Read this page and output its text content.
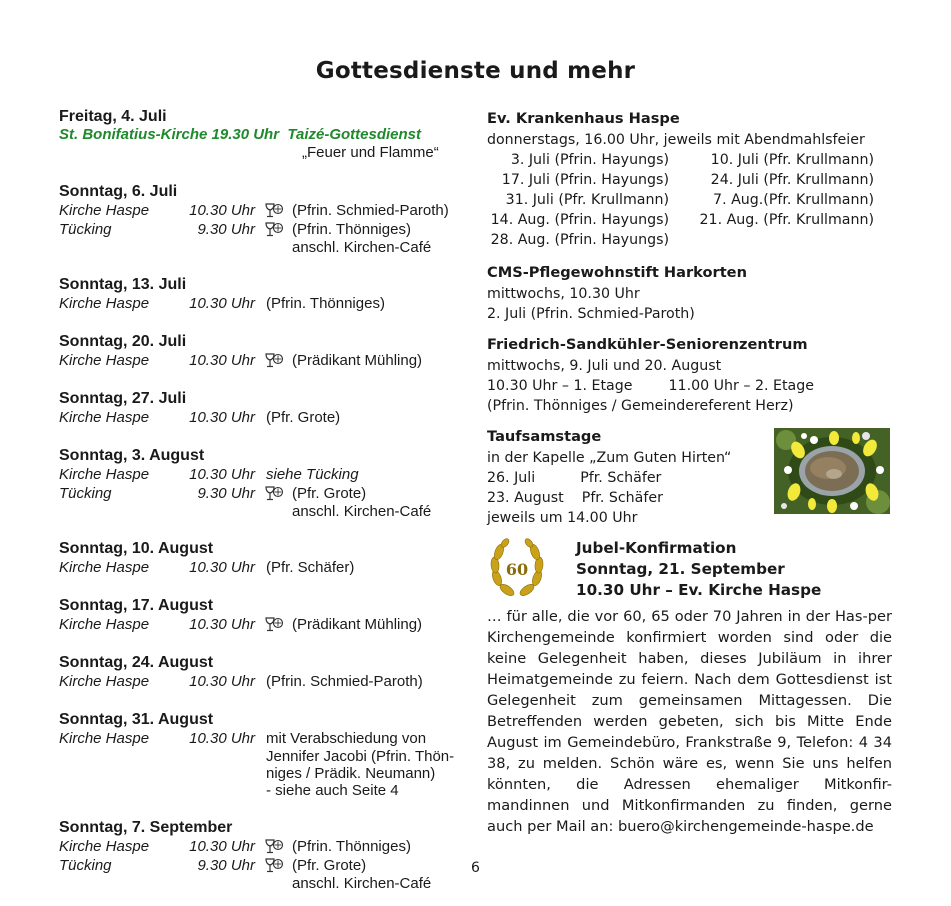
Gottesdienste und mehr
Freitag, 4. Juli
St. Bonifatius-Kirche 19.30 Uhr  Taizé-Gottesdienst
„Feuer und Flamme“
Sonntag, 6. Juli
Kirche Haspe	10.30 Uhr (Pfrin. Schmied-Paroth)
Tücking	9.30 Uhr (Pfrin. Thönniges)
anschl. Kirchen-Café
Sonntag, 13. Juli
Kirche Haspe	10.30 Uhr (Pfrin. Thönniges)
Sonntag, 20. Juli
Kirche Haspe	10.30 Uhr (Prädikant Mühling)
Sonntag, 27. Juli
Kirche Haspe	10.30 Uhr (Pfr. Grote)
Sonntag, 3. August
Kirche Haspe	10.30 Uhr siehe Tücking
Tücking	9.30 Uhr (Pfr. Grote)
anschl. Kirchen-Café
Sonntag, 10. August
Kirche Haspe	10.30 Uhr (Pfr. Schäfer)
Sonntag, 17. August
Kirche Haspe	10.30 Uhr (Prädikant Mühling)
Sonntag, 24. August
Kirche Haspe	10.30 Uhr (Pfrin. Schmied-Paroth)
Sonntag, 31. August
Kirche Haspe	10.30 Uhr mit Verabschiedung von
Jennifer Jacobi (Pfrin. Thön-
niges / Prädik. Neumann)
- siehe auch Seite 4
Sonntag, 7. September
Kirche Haspe	10.30 Uhr (Pfrin. Thönniges)
Tücking	9.30 Uhr (Pfr. Grote)
anschl. Kirchen-Café
Ev. Krankenhaus Haspe
donnerstags, 16.00 Uhr, jeweils mit Abendmahlsfeier
3. Juli (Pfrin. Hayungs)	10. Juli (Pfr. Krullmann)
17. Juli (Pfrin. Hayungs)	24. Juli (Pfr. Krullmann)
31. Juli (Pfr. Krullmann)	7. Aug.(Pfr. Krullmann)
14. Aug. (Pfrin. Hayungs)	21. Aug. (Pfr. Krullmann)
28. Aug. (Pfrin. Hayungs)
CMS-Pflegewohnstift Harkorten
mittwochs, 10.30 Uhr
2. Juli (Pfrin. Schmied-Paroth)
Friedrich-Sandkühler-Seniorenzentrum
mittwochs, 9. Juli und 20. August
10.30 Uhr – 1. Etage        11.00 Uhr – 2. Etage
(Pfrin. Thönniges / Gemeindereferent Herz)
Taufsamstage
in der Kapelle „Zum Guten Hirten“
26. Juli          Pfr. Schäfer
23. August    Pfr. Schäfer
jeweils um 14.00 Uhr
60
Jubel-Konfirmation
Sonntag, 21. September
10.30 Uhr – Ev. Kirche Haspe

… für alle, die vor 60, 65 oder 70 Jahren in der Has-per Kirchengemeinde konfirmiert worden sind oder die keine Gelegenheit haben, dieses Jubiläum in ihrer Heimatgemeinde zu feiern. Nach dem Gottesdienst ist Gelegenheit zum gemeinsamen Mittagessen. Die Betreffenden werden gebeten, sich bis Mitte Ende August im Gemeindebüro, Frankstraße 9, Telefon: 4 34 38, zu melden. Schön wäre es, wenn Sie uns helfen könnten, die Adressen ehemaliger Mitkonfir-mandinnen und Mitkonfirmanden zu finden, gerne auch per Mail an: buero@kirchengemeinde-haspe.de

6
